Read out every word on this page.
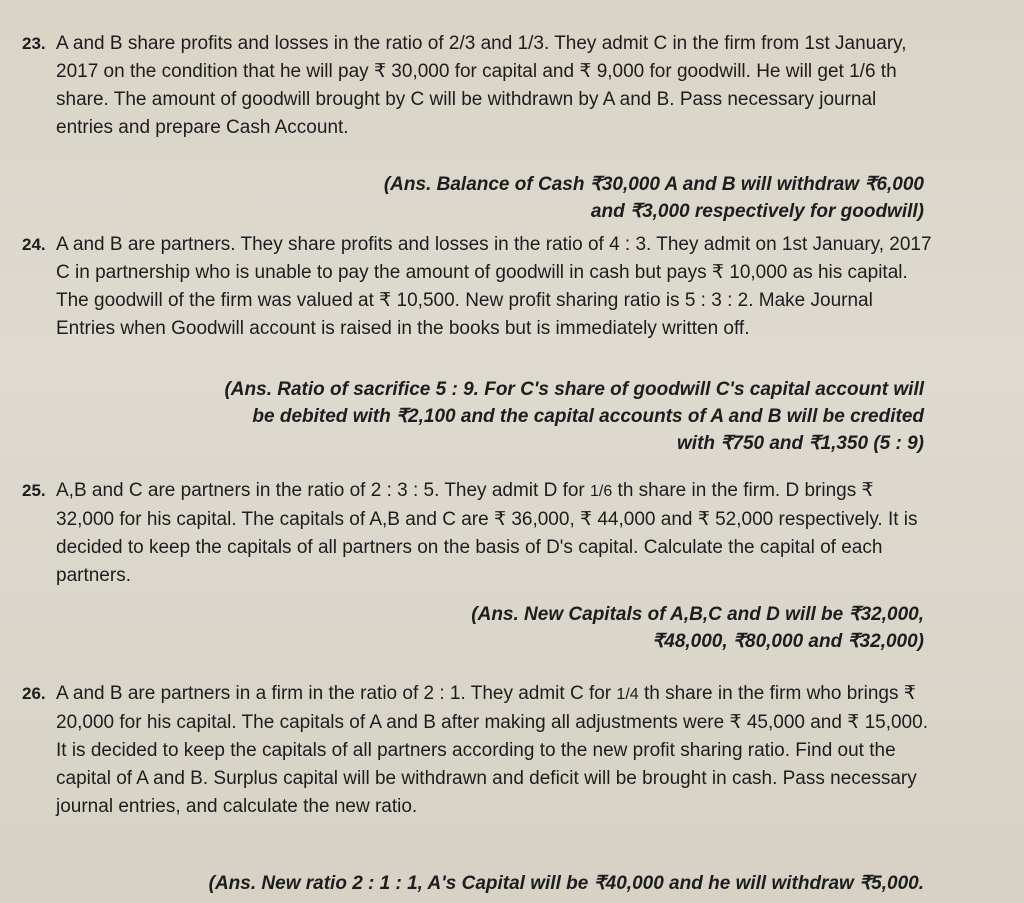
23. A and B share profits and losses in the ratio of 2/3 and 1/3. They admit C in the firm from 1st January, 2017 on the condition that he will pay ₹ 30,000 for capital and ₹ 9,000 for goodwill. He will get 1/6 th share. The amount of goodwill brought by C will be withdrawn by A and B. Pass necessary journal entries and prepare Cash Account.
(Ans. Balance of Cash ₹30,000 A and B will withdraw ₹6,000
and ₹3,000 respectively for goodwill)
24. A and B are partners. They share profits and losses in the ratio of 4 : 3. They admit on 1st January, 2017 C in partnership who is unable to pay the amount of goodwill in cash but pays ₹ 10,000 as his capital. The goodwill of the firm was valued at ₹ 10,500. New profit sharing ratio is 5 : 3 : 2. Make Journal Entries when Goodwill account is raised in the books but is immediately written off.
(Ans. Ratio of sacrifice 5 : 9. For C's share of goodwill C's capital account will
be debited with ₹2,100 and the capital accounts of A and B will be credited
with ₹750 and ₹1,350 (5 : 9)
25. A,B and C are partners in the ratio of 2 : 3 : 5. They admit D for 1/6 th share in the firm. D brings ₹ 32,000 for his capital. The capitals of A,B and C are ₹ 36,000, ₹ 44,000 and ₹ 52,000 respectively. It is decided to keep the capitals of all partners on the basis of D's capital. Calculate the capital of each partners.
(Ans. New Capitals of A,B,C and D will be ₹32,000,
₹48,000, ₹80,000 and ₹32,000)
26. A and B are partners in a firm in the ratio of 2 : 1. They admit C for 1/4 th share in the firm who brings ₹ 20,000 for his capital. The capitals of A and B after making all adjustments were ₹ 45,000 and ₹ 15,000. It is decided to keep the capitals of all partners according to the new profit sharing ratio. Find out the capital of A and B. Surplus capital will be withdrawn and deficit will be brought in cash. Pass necessary journal entries, and calculate the new ratio.
(Ans. New ratio 2 : 1 : 1, A's Capital will be ₹40,000 and he will withdraw ₹5,000.
